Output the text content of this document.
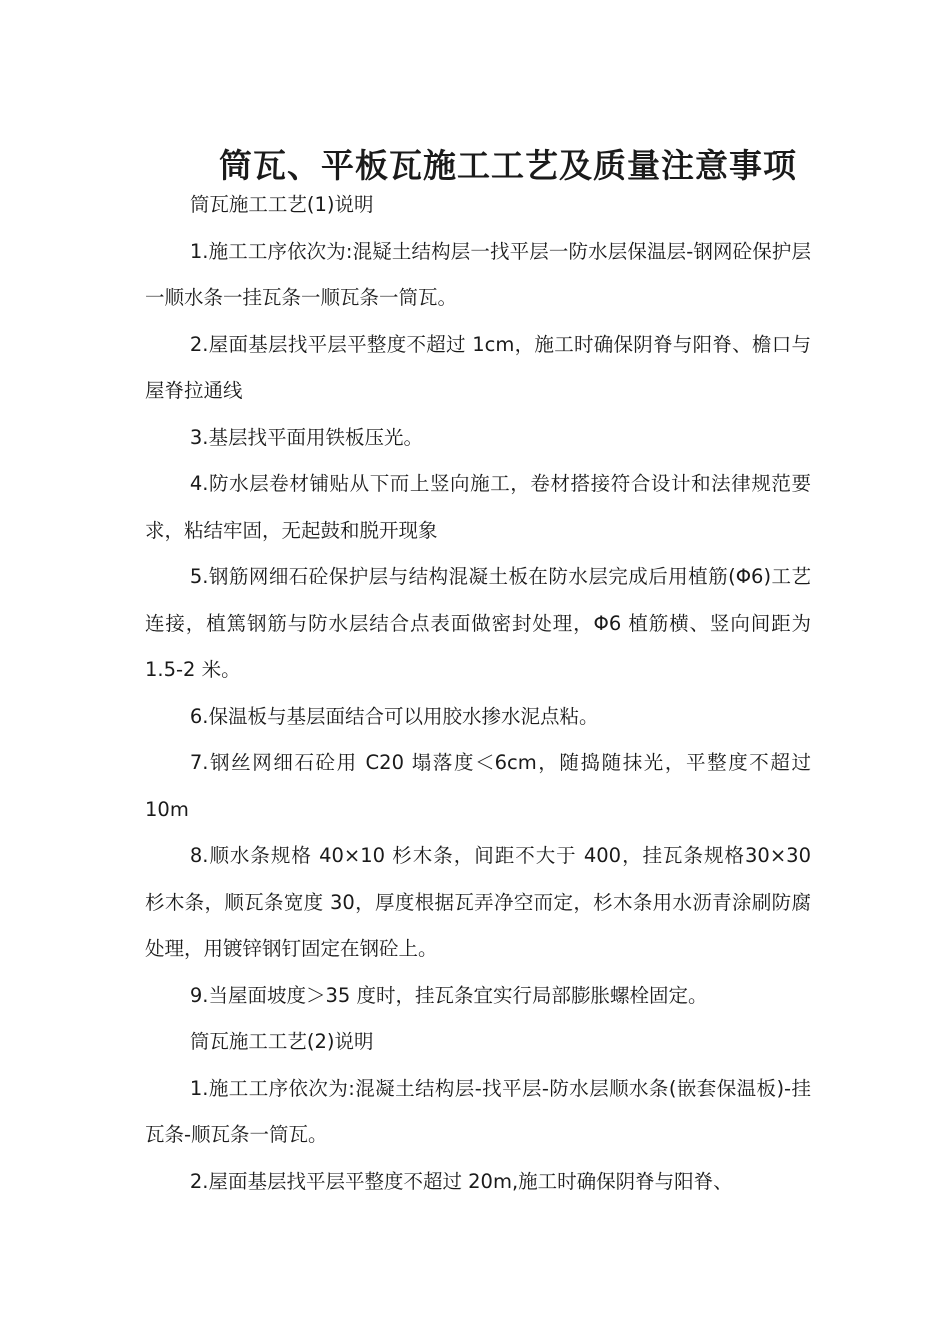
筒瓦、平板瓦施工工艺及质量注意事项

筒瓦施工工艺(1)说明

1.施工工序依次为:混疑土结构层一找平层一防水层保温层-钢网砼保护层一顺水条一挂瓦条一顺瓦条一筒瓦。

2.屋面基层找平层平整度不超过 1cm，施工时确保阴脊与阳脊、檐口与屋脊拉通线

3.基层找平面用铁板压光。

4.防水层卷材铺贴从下而上竖向施工，卷材搭接符合设计和法律规范要求，粘结牢固，无起鼓和脱开现象

5.钢筋网细石砼保护层与结构混凝土板在防水层完成后用植筋(Φ6)工艺连接，植篤钢筋与防水层结合点表面做密封处理，Φ6 植筋横、竖向间距为 1.5-2 米。

6.保温板与基层面结合可以用胶水掺水泥点粘。

7.钢丝网细石砼用 C20 塌落度＜6cm，随捣随抹光，平整度不超过 10m

8.顺水条规格 40×10 杉木条，间距不大于 400，挂瓦条规格30×30 杉木条，顺瓦条宽度 30，厚度根据瓦弄净空而定，杉木条用水沥青涂刷防腐处理，用镀锌钢钉固定在钢砼上。

9.当屋面坡度＞35 度时，挂瓦条宜实行局部膨胀螺栓固定。

筒瓦施工工艺(2)说明

1.施工工序依次为:混凝土结构层-找平层-防水层顺水条(嵌套保温板)-挂瓦条-顺瓦条一筒瓦。

2.屋面基层找平层平整度不超过 20m,施工时确保阴脊与阳脊、
